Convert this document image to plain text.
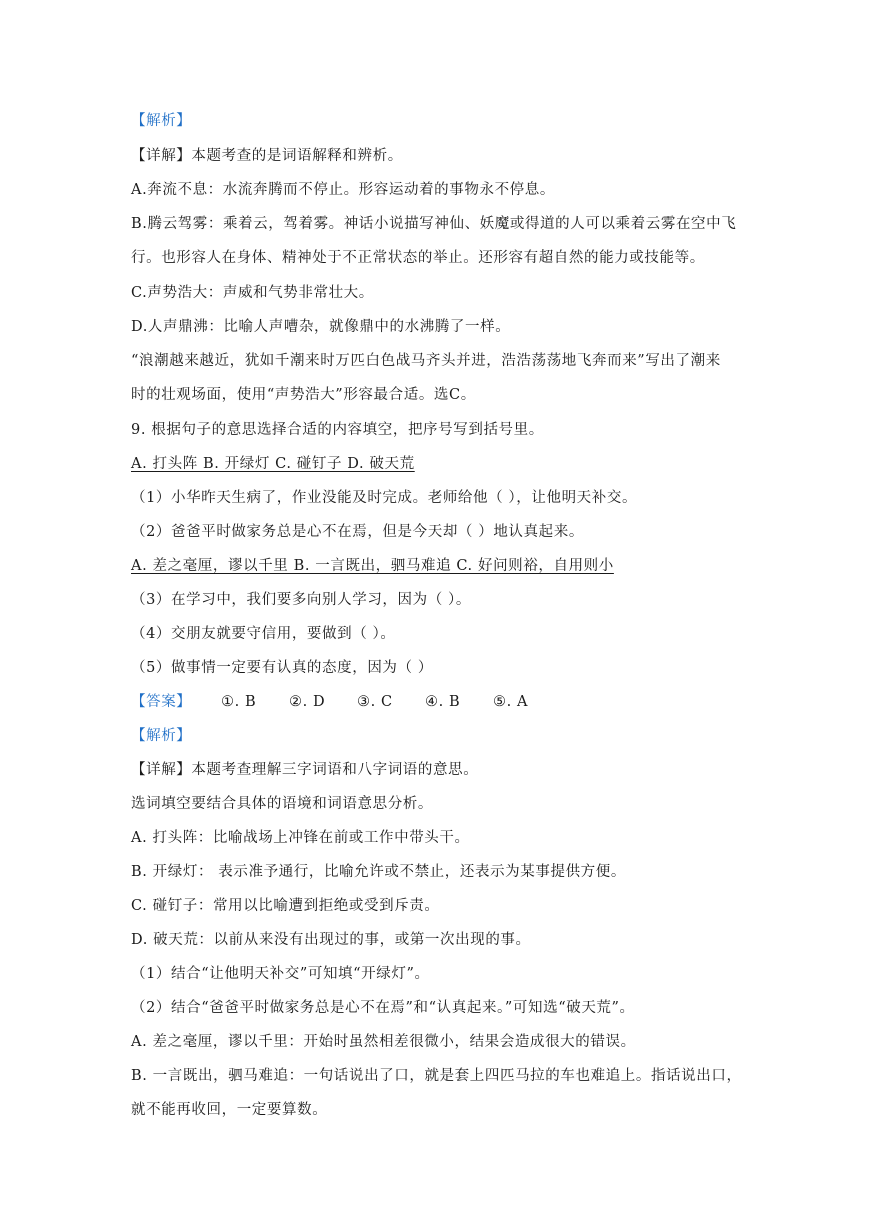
【解析】
【详解】本题考查的是词语解释和辨析。
A.奔流不息：水流奔腾而不停止。形容运动着的事物永不停息。
B.腾云驾雾：乘着云，驾着雾。神话小说描写神仙、妖魔或得道的人可以乘着云雾在空中飞
行。也形容人在身体、精神处于不正常状态的举止。还形容有超自然的能力或技能等。
C.声势浩大：声威和气势非常壮大。
D.人声鼎沸：比喻人声嘈杂，就像鼎中的水沸腾了一样。
“浪潮越来越近，犹如千潮来时万匹白色战马齐头并进，浩浩荡荡地飞奔而来”写出了潮来
时的壮观场面，使用“声势浩大”形容最合适。选C。
9. 根据句子的意思选择合适的内容填空，把序号写到括号里。
A. 打头阵 B. 开绿灯 C. 碰钉子 D. 破天荒
（1）小华昨天生病了，作业没能及时完成。老师给他（ ），让他明天补交。
（2）爸爸平时做家务总是心不在焉，但是今天却（ ）地认真起来。
A. 差之毫厘，谬以千里 B. 一言既出，驷马难追 C. 好问则裕，自用则小
（3）在学习中，我们要多向别人学习，因为（ ）。
（4）交朋友就要守信用，要做到（ ）。
（5）做事情一定要有认真的态度，因为（ ）
【答案】 ①. B ②. D ③. C ④. B ⑤. A
【解析】
【详解】本题考查理解三字词语和八字词语的意思。
选词填空要结合具体的语境和词语意思分析。
A. 打头阵：比喻战场上冲锋在前或工作中带头干。
B. 开绿灯： 表示准予通行，比喻允许或不禁止，还表示为某事提供方便。
C. 碰钉子：常用以比喻遭到拒绝或受到斥责。
D. 破天荒：以前从来没有出现过的事，或第一次出现的事。
（1）结合“让他明天补交”可知填“开绿灯”。
（2）结合“爸爸平时做家务总是心不在焉”和“认真起来。”可知选“破天荒”。
A. 差之毫厘，谬以千里：开始时虽然相差很微小，结果会造成很大的错误。
B. 一言既出，驷马难追：一句话说出了口，就是套上四匹马拉的车也难追上。指话说出口，
就不能再收回，一定要算数。
